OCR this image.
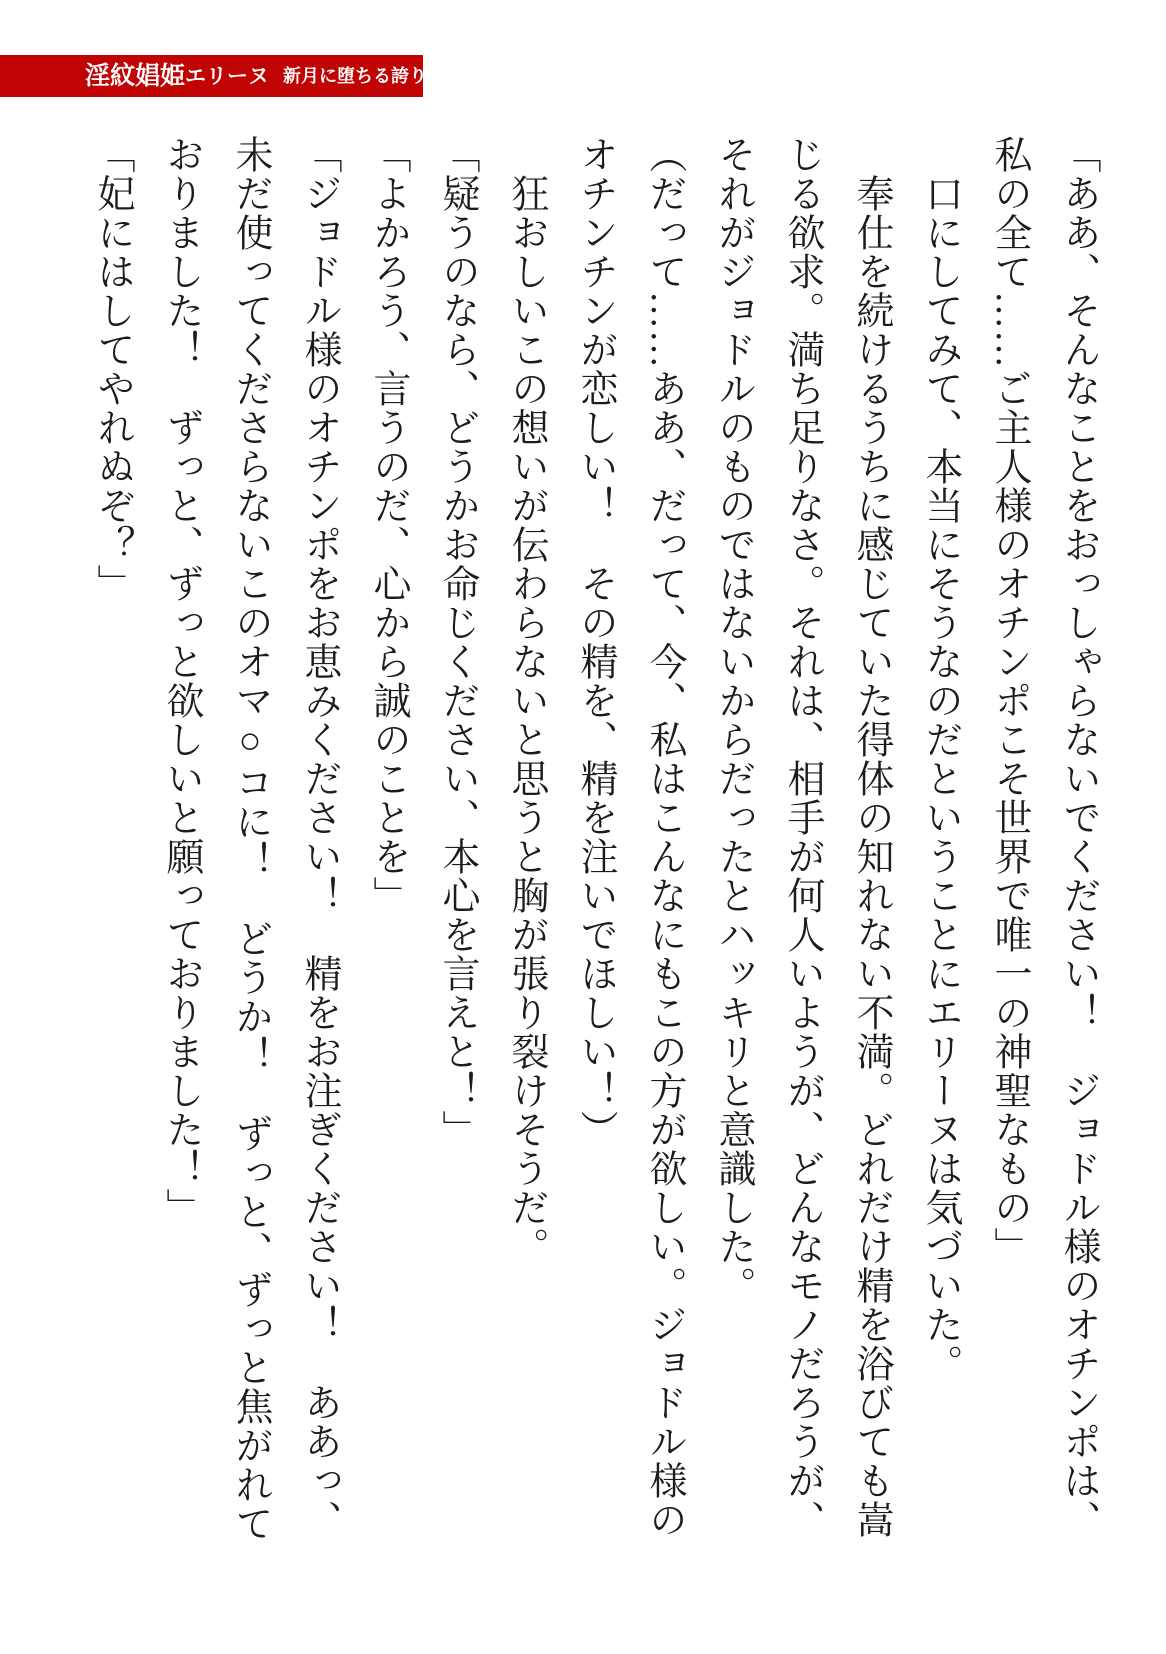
淫紋娼姫 エリーヌ 新月に堕ちる誇り
「ああ、そんなことをおっしゃらないでください！　ジョドル様のオチンポは、
私の全て……ご主人様のオチンポこそ世界で唯一の神聖なもの」
口にしてみて、本当にそうなのだということにエリーヌは気づいた。
奉仕を続けるうちに感じていた得体の知れない不満。どれだけ精を浴びても嵩
じる欲求。満ち足りなさ。それは、相手が何人いようが、どんなモノだろうが、
それがジョドルのものではないからだったとハッキリと意識した。
（だって……ああ、だって、今、私はこんなにもこの方が欲しい。ジョドル様の
オチンチンが恋しい！　その精を、精を注いでほしい！）
狂おしいこの想いが伝わらないと思うと胸が張り裂けそうだ。
「疑うのなら、どうかお命じください、本心を言えと！」
「よかろう、言うのだ、心から誠のことを」
「ジョドル様のオチンポをお恵みください！　精をお注ぎください！　ああっ、
未だ使ってくださらないこのオマ○コに！　どうか！　ずっと、ずっと焦がれて
おりました！　ずっと、ずっと欲しいと願っておりました！」
「妃にはしてやれぬぞ？」
